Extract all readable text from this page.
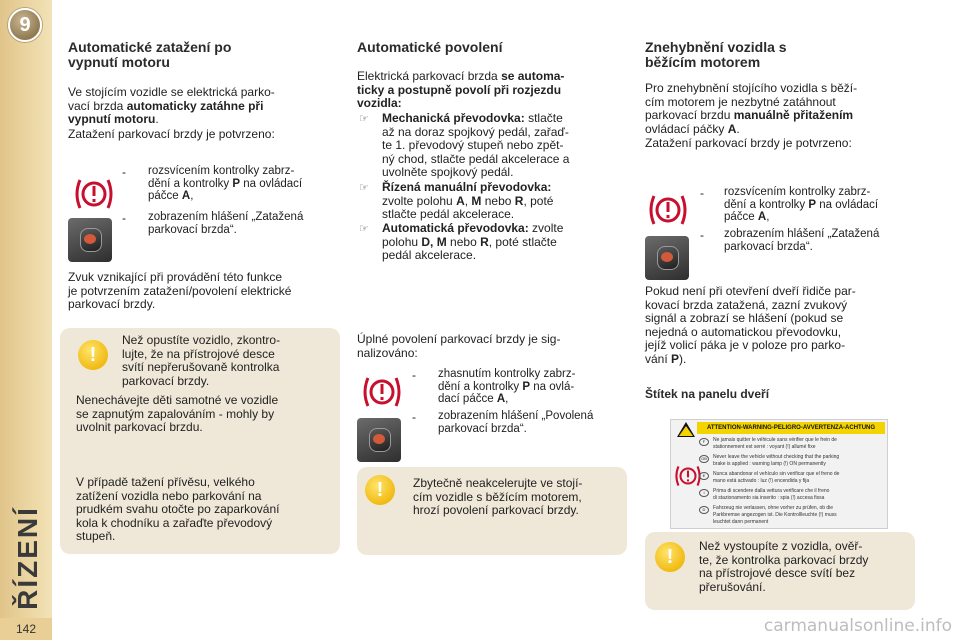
9
ŘÍZENÍ
142
Automatické zatažení po vypnutí motoru
Ve stojícím vozidle se elektrická parko-
vací brzda automaticky zatáhne při
vypnutí motoru.
Zatažení parkovací brzdy je potvrzeno:
- rozsvícením kontrolky zabrz-
dění a kontrolky P na ovládací
páčce A,
- zobrazením hlášení „Zatažená
parkovací brzda“.
Zvuk vznikající při provádění této funkce
je potvrzením zatažení/povolení elektrické
parkovací brzdy.
!
Než opustíte vozidlo, zkontro-
lujte, že na přístrojové desce
svítí nepřerušovaně kontrolka
parkovací brzdy.
Nenechávejte děti samotné ve vozidle
se zapnutým zapalováním - mohly by
uvolnit parkovací brzdu.
V případě tažení přívěsu, velkého
zatížení vozidla nebo parkování na
prudkém svahu otočte po zaparkování
kola k chodníku a zařaďte převodový
stupeň.
Automatické povolení
Elektrická parkovací brzda se automa-
ticky a postupně povolí při rozjezdu
vozidla:
☞ Mechanická převodovka: stlačte
až na doraz spojkový pedál, zařaď-
te 1. převodový stupeň nebo zpět-
ný chod, stlačte pedál akcelerace a
uvolněte spojkový pedál.
☞ Řízená manuální převodovka:
zvolte polohu A, M nebo R, poté
stlačte pedál akcelerace.
☞ Automatická převodovka: zvolte
polohu D, M nebo R, poté stlačte
pedál akcelerace.
Úplné povolení parkovací brzdy je sig-
nalizováno:
- zhasnutím kontrolky zabrz-
dění a kontrolky P na ovlá-
dací páčce A,
- zobrazením hlášení „Povolená
parkovací brzda“.
!	Zbytečně neakcelerujte ve stojí-
cím vozidle s běžícím motorem,
hrozí povolení parkovací brzdy.
Znehybnění vozidla s běžícím motorem
Pro znehybnění stojícího vozidla s běží-
cím motorem je nezbytné zatáhnout
parkovací brzdu manuálně přitažením
ovládací páčky A.
Zatažení parkovací brzdy je potvrzeno:
- rozsvícením kontrolky zabrz-
dění a kontrolky P na ovládací
páčce A,
- zobrazením hlášení „Zatažená
parkovací brzda“.
Pokud není při otevření dveří řidiče par-
kovací brzda zatažená, zazní zvukový
signál a zobrazí se hlášení (pokud se
nejedná o automatickou převodovku,
jejíž volicí páka je v poloze pro parko-
vání P).
Štítek na panelu dveří
ATTENTION-WARNING-PELIGRO-AVVERTENZA-ACHTUNG
F
GB
E
I
D
Ne jamais quitter le véhicule sans vérifier que le frein de
stationnement est serré : voyant (!) allumé fixe
Never leave the vehicle without checking that the parking
brake is applied : warning lamp (!) ON permanently
Nunca abandonar el vehículo sin verificar que el freno de
mano está activado : luz (!) encendida y fija
Prima di scendere dalla vettura verificare che il freno
di stazionamento sia inserito : spia (!) accesa fissa
Fahrzeug nie verlassen, ohne vorher zu prüfen, ob die
Parkbremse angezogen ist. Die Kontrollleuchte (!) muss
leuchtet dann permanent
!	Než vystoupíte z vozidla, ověř-
te, že kontrolka parkovací brzdy
na přístrojové desce svítí bez
přerušování.
carmanualsonline.info
